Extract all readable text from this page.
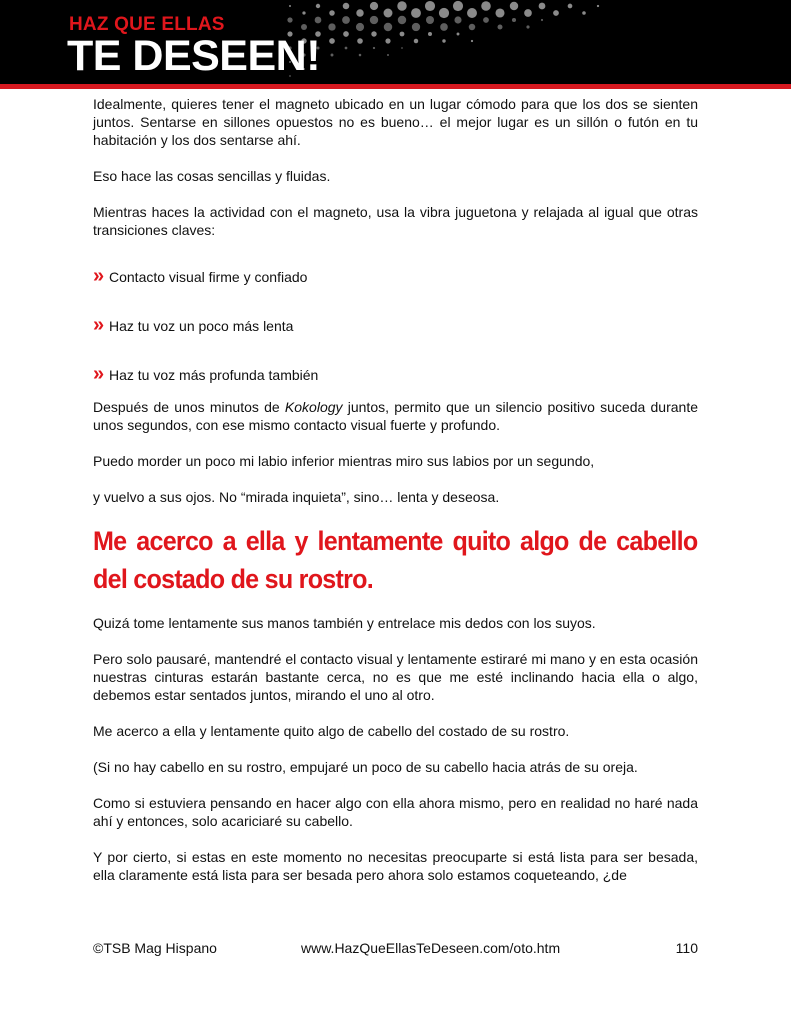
HAZ QUE ELLAS
TE DESEEN!

Idealmente, quieres tener el magneto ubicado en un lugar cómodo para que los dos se sienten juntos. Sentarse en sillones opuestos no es bueno… el mejor lugar es un sillón o futón en tu habitación y los dos sentarse ahí.

Eso hace las cosas sencillas y fluidas.

Mientras haces la actividad con el magneto, usa la vibra juguetona y relajada al igual que otras transiciones claves:

» Contacto visual firme y confiado
» Haz tu voz un poco más lenta
» Haz tu voz más profunda también

Después de unos minutos de Kokology juntos, permito que un silencio positivo suceda durante unos segundos, con ese mismo contacto visual fuerte y profundo.

Puedo morder un poco mi labio inferior mientras miro sus labios por un segundo,

y vuelvo a sus ojos. No “mirada inquieta”, sino… lenta y deseosa.

Me acerco a ella y lentamente quito algo de cabello del costado de su rostro.

Quizá tome lentamente sus manos también y entrelace mis dedos con los suyos.

Pero solo pausaré, mantendré el contacto visual y lentamente estiraré mi mano y en esta ocasión nuestras cinturas estarán bastante cerca, no es que me esté inclinando hacia ella o algo, debemos estar sentados juntos, mirando el uno al otro.

Me acerco a ella y lentamente quito algo de cabello del costado de su rostro.

(Si no hay cabello en su rostro, empujaré un poco de su cabello hacia atrás de su oreja.

Como si estuviera pensando en hacer algo con ella ahora mismo, pero en realidad no haré nada ahí y entonces, solo acariciaré su cabello.

Y por cierto, si estas en este momento no necesitas preocuparte si está lista para ser besada, ella claramente está lista para ser besada pero ahora solo estamos coqueteando, ¿de

©TSB Mag Hispano	www.HazQueEllasTeDeseen.com/oto.htm	110
